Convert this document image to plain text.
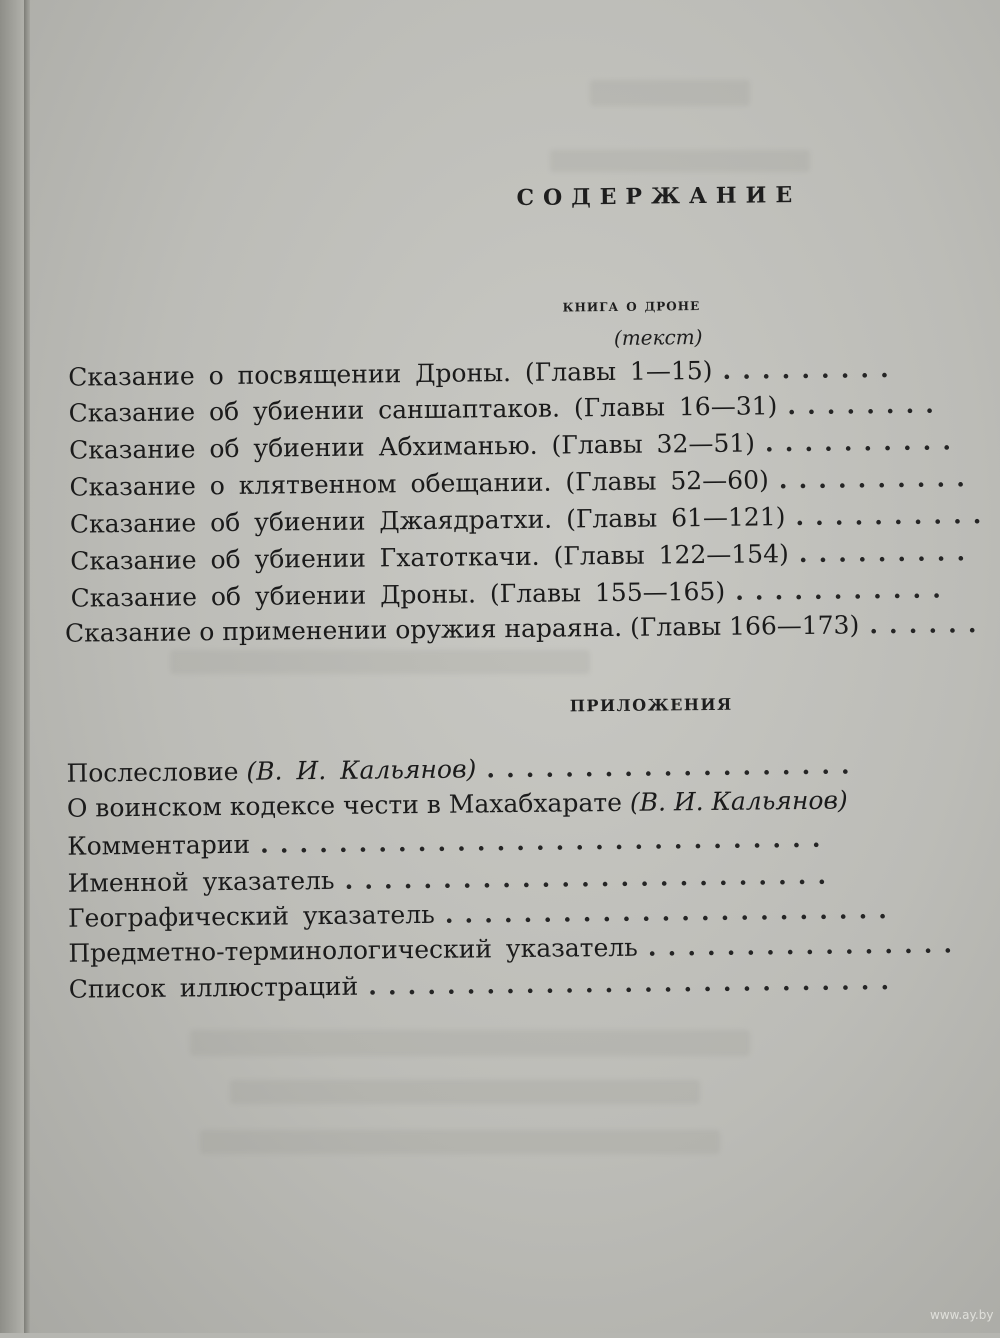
СОДЕРЖАНИЕ
книга о дроне
(текст)
Сказание о посвящении Дроны. (Главы 1—15) .........
Сказание об убиении саншаптаков. (Главы 16—31) ........
Сказание об убиении Абхиманью. (Главы 32—51) ..........
Сказание о клятвенном обещании. (Главы 52—60) ..........
Сказание об убиении Джаядратхи. (Главы 61—121) ..........
Сказание об убиении Гхатоткачи. (Главы 122—154) .........
Сказание об убиении Дроны. (Главы 155—165) ...........
Сказание о применении оружия нараяна. (Главы 166—173) ......
ПРИЛОЖЕНИЯ
Послесловие (В. И. Кальянов) ...................
О воинском кодексе чести в Махабхарате (В. И. Кальянов)
Комментарии .............................
Именной указатель .........................
Географический указатель .......................
Предметно-терминологический указатель ................
Список иллюстраций ...........................
www.ay.by
